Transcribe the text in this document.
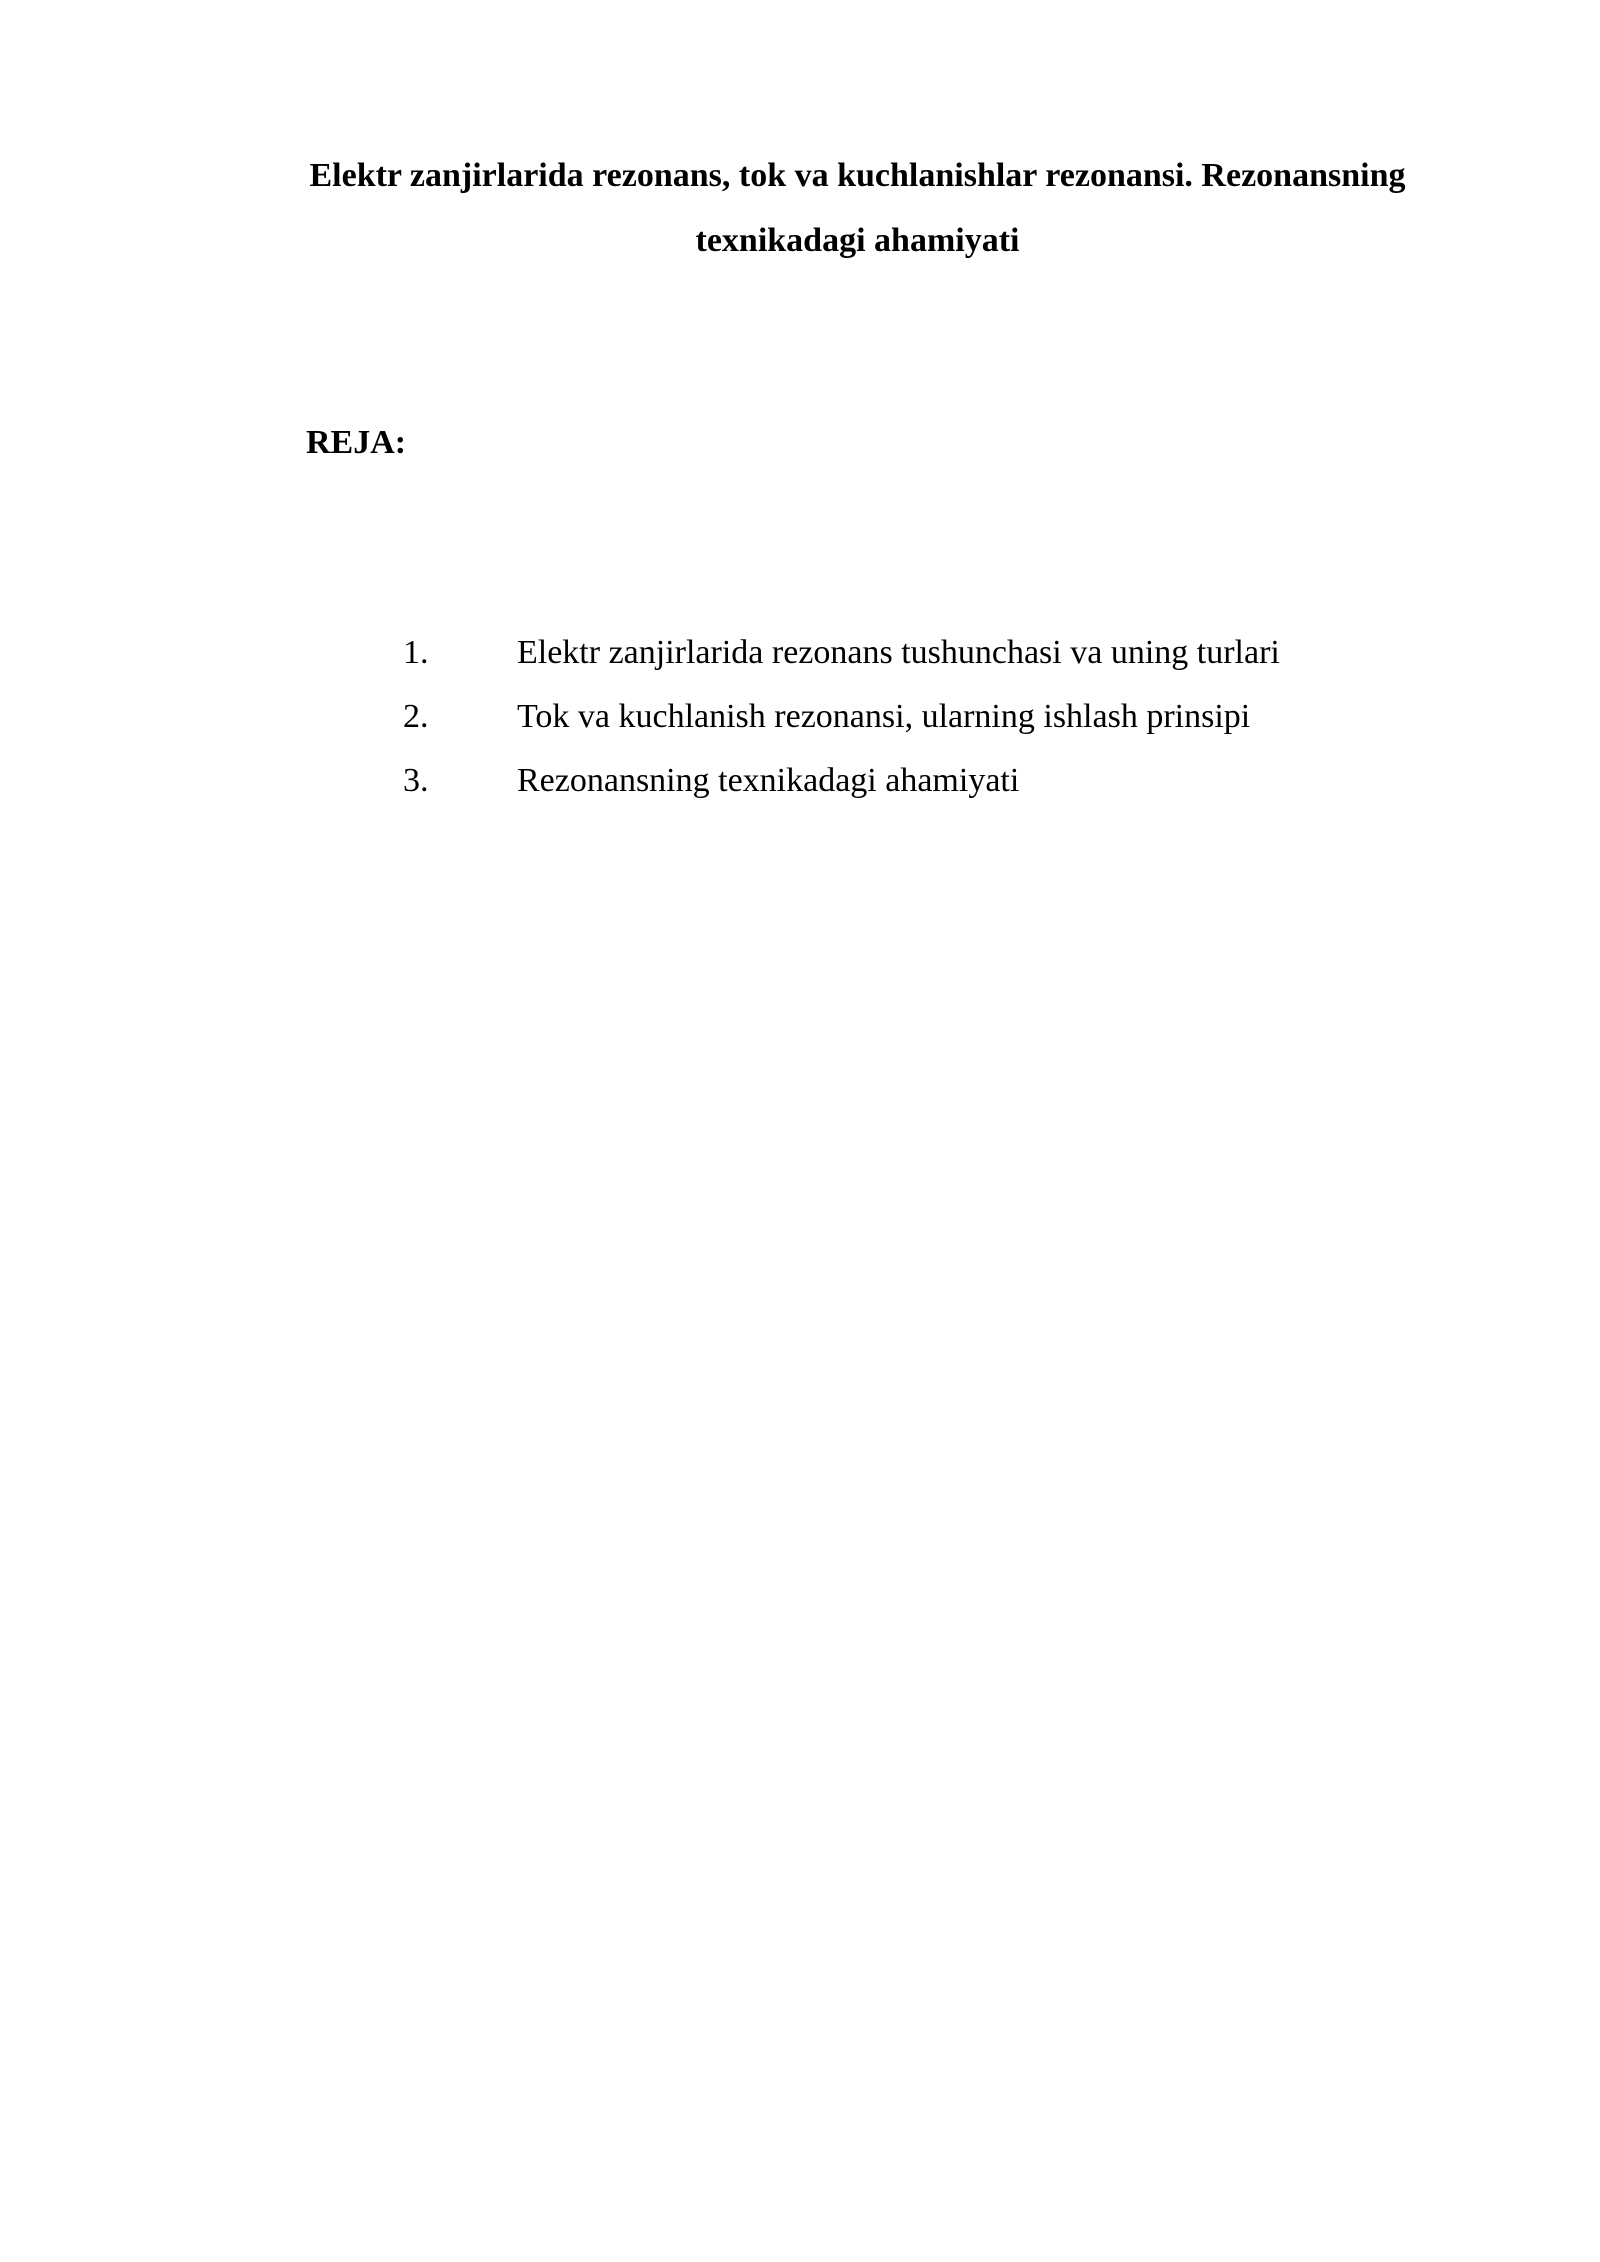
Elektr zanjirlarida rezonans, tok va kuchlanishlar rezonansi. Rezonansning texnikadagi ahamiyati
REJA:
1.	Elektr zanjirlarida rezonans tushunchasi va uning turlari
2.	Tok va kuchlanish rezonansi, ularning ishlash prinsipi
3.	Rezonansning texnikadagi ahamiyati
